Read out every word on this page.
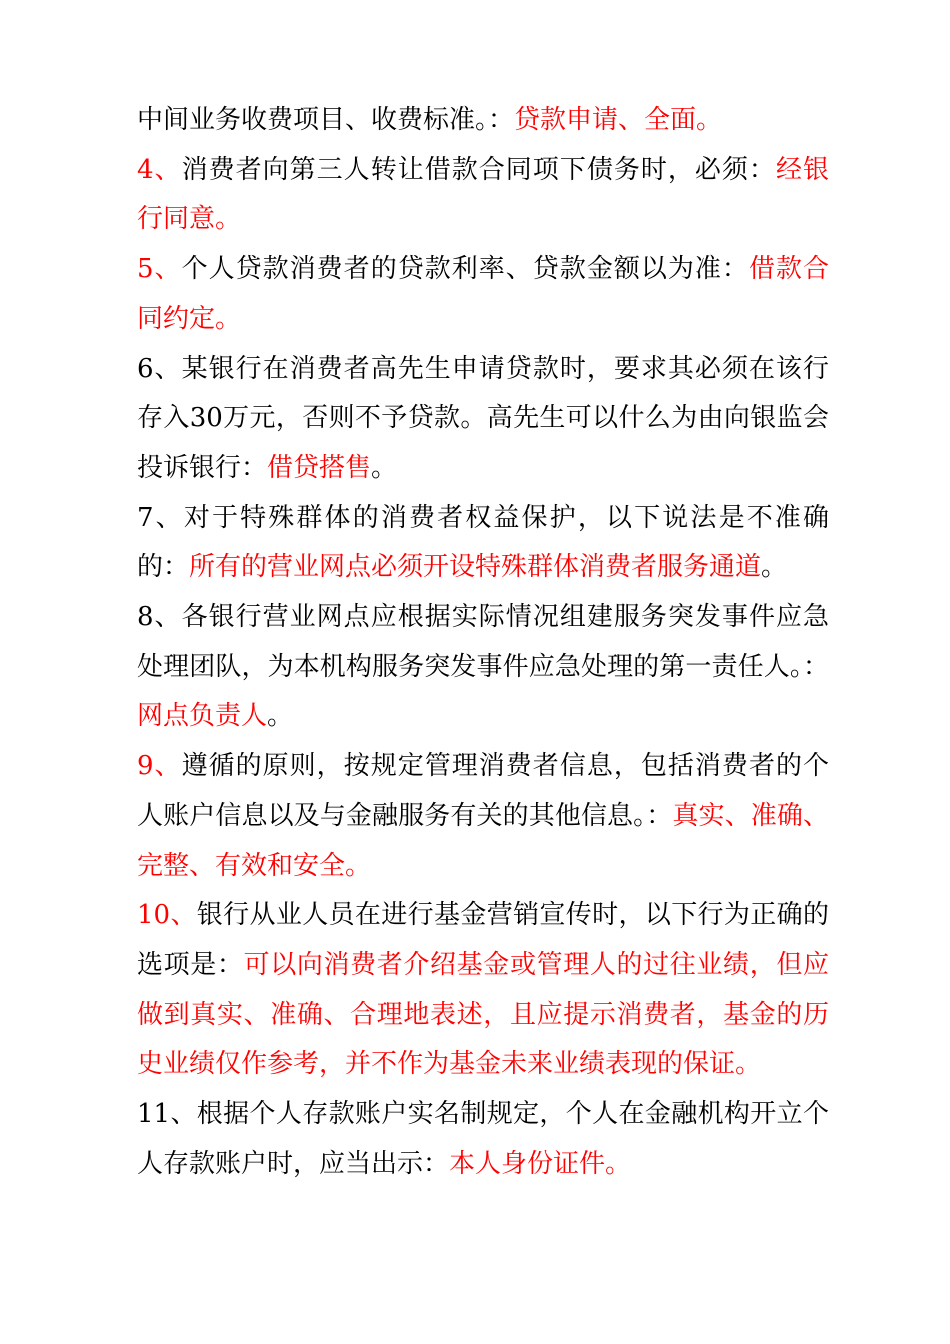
中间业务收费项目、收费标准。：贷款申请、全面。

4、消费者向第三人转让借款合同项下债务时，必须：经银行同意。

5、个人贷款消费者的贷款利率、贷款金额以为准：借款合同约定。

6、某银行在消费者高先生申请贷款时，要求其必须在该行存入30万元，否则不予贷款。高先生可以什么为由向银监会投诉银行：借贷搭售。

7、对于特殊群体的消费者权益保护，以下说法是不准确的：所有的营业网点必须开设特殊群体消费者服务通道。

8、各银行营业网点应根据实际情况组建服务突发事件应急处理团队，为本机构服务突发事件应急处理的第一责任人。：网点负责人。

9、遵循的原则，按规定管理消费者信息，包括消费者的个人账户信息以及与金融服务有关的其他信息。：真实、准确、完整、有效和安全。

10、银行从业人员在进行基金营销宣传时，以下行为正确的选项是：可以向消费者介绍基金或管理人的过往业绩，但应做到真实、准确、合理地表述，且应提示消费者，基金的历史业绩仅作参考，并不作为基金未来业绩表现的保证。

11、根据个人存款账户实名制规定，个人在金融机构开立个人存款账户时，应当出示：本人身份证件。
